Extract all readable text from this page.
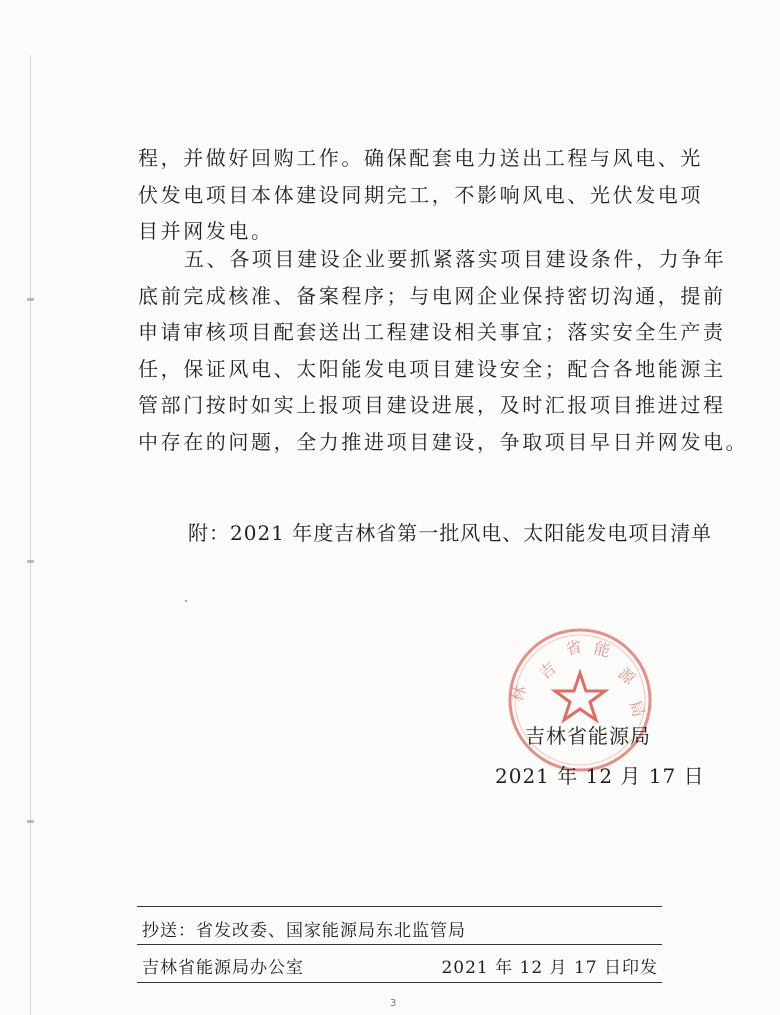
程，并做好回购工作。确保配套电力送出工程与风电、光
伏发电项目本体建设同期完工，不影响风电、光伏发电项
目并网发电。

五、各项目建设企业要抓紧落实项目建设条件，力争年
底前完成核准、备案程序；与电网企业保持密切沟通，提前
申请审核项目配套送出工程建设相关事宜；落实安全生产责
任，保证风电、太阳能发电项目建设安全；配合各地能源主
管部门按时如实上报项目建设进展，及时汇报项目推进过程
中存在的问题，全力推进项目建设，争取项目早日并网发电。

附：2021 年度吉林省第一批风电、太阳能发电项目清单
吉
省 能
源
林
局
吉林省能源局
2021 年 12 月 17 日
抄送：省发改委、国家能源局东北监管局
吉林省能源局办公室	2021 年 12 月 17 日印发
3
